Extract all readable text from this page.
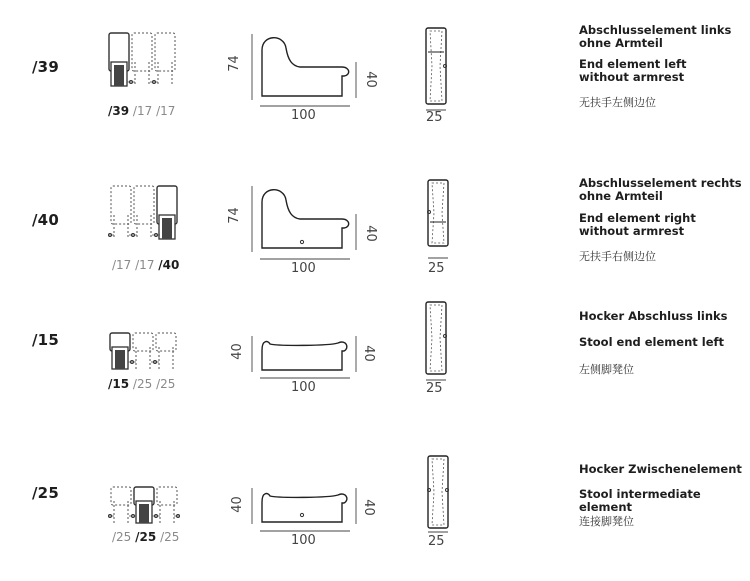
/39
/39 /17 /17
74
40
100	25
Abschlusselement links ohne Armteil
End element left without armrest
无扶手左侧边位
/40
/17 /17 /40
74
40
100	25
Abschlusselement rechts ohne Armteil
End element right without armrest
无扶手右侧边位
/15
/15 /25 /25
40	40
100	25
Hocker Abschluss links
Stool end element left
左侧脚凳位
/25
/25 /25 /25
40	40
100	25
Hocker Zwischenelement
Stool intermediate element
连接脚凳位
